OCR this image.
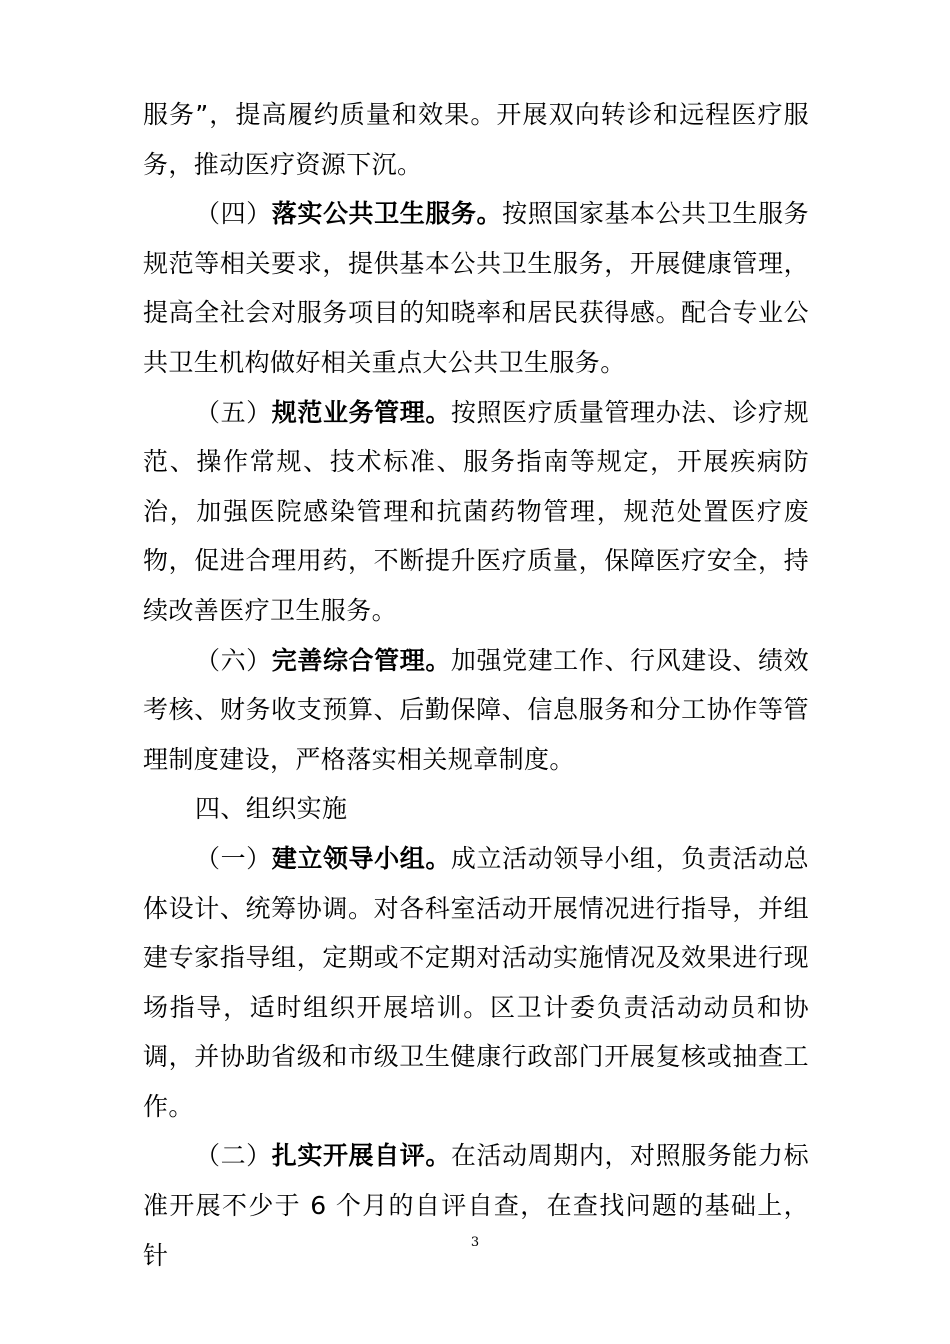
服务”，提高履约质量和效果。开展双向转诊和远程医疗服务，推动医疗资源下沉。

（四）落实公共卫生服务。按照国家基本公共卫生服务规范等相关要求，提供基本公共卫生服务，开展健康管理，提高全社会对服务项目的知晓率和居民获得感。配合专业公共卫生机构做好相关重点大公共卫生服务。

（五）规范业务管理。按照医疗质量管理办法、诊疗规范、操作常规、技术标准、服务指南等规定，开展疾病防治，加强医院感染管理和抗菌药物管理，规范处置医疗废物，促进合理用药，不断提升医疗质量，保障医疗安全，持续改善医疗卫生服务。

（六）完善综合管理。加强党建工作、行风建设、绩效考核、财务收支预算、后勤保障、信息服务和分工协作等管理制度建设，严格落实相关规章制度。

四、组织实施

（一）建立领导小组。成立活动领导小组，负责活动总体设计、统筹协调。对各科室活动开展情况进行指导，并组建专家指导组，定期或不定期对活动实施情况及效果进行现场指导，适时组织开展培训。区卫计委负责活动动员和协调，并协助省级和市级卫生健康行政部门开展复核或抽查工作。

（二）扎实开展自评。在活动周期内，对照服务能力标准开展不少于 6 个月的自评自查，在查找问题的基础上，针	3
